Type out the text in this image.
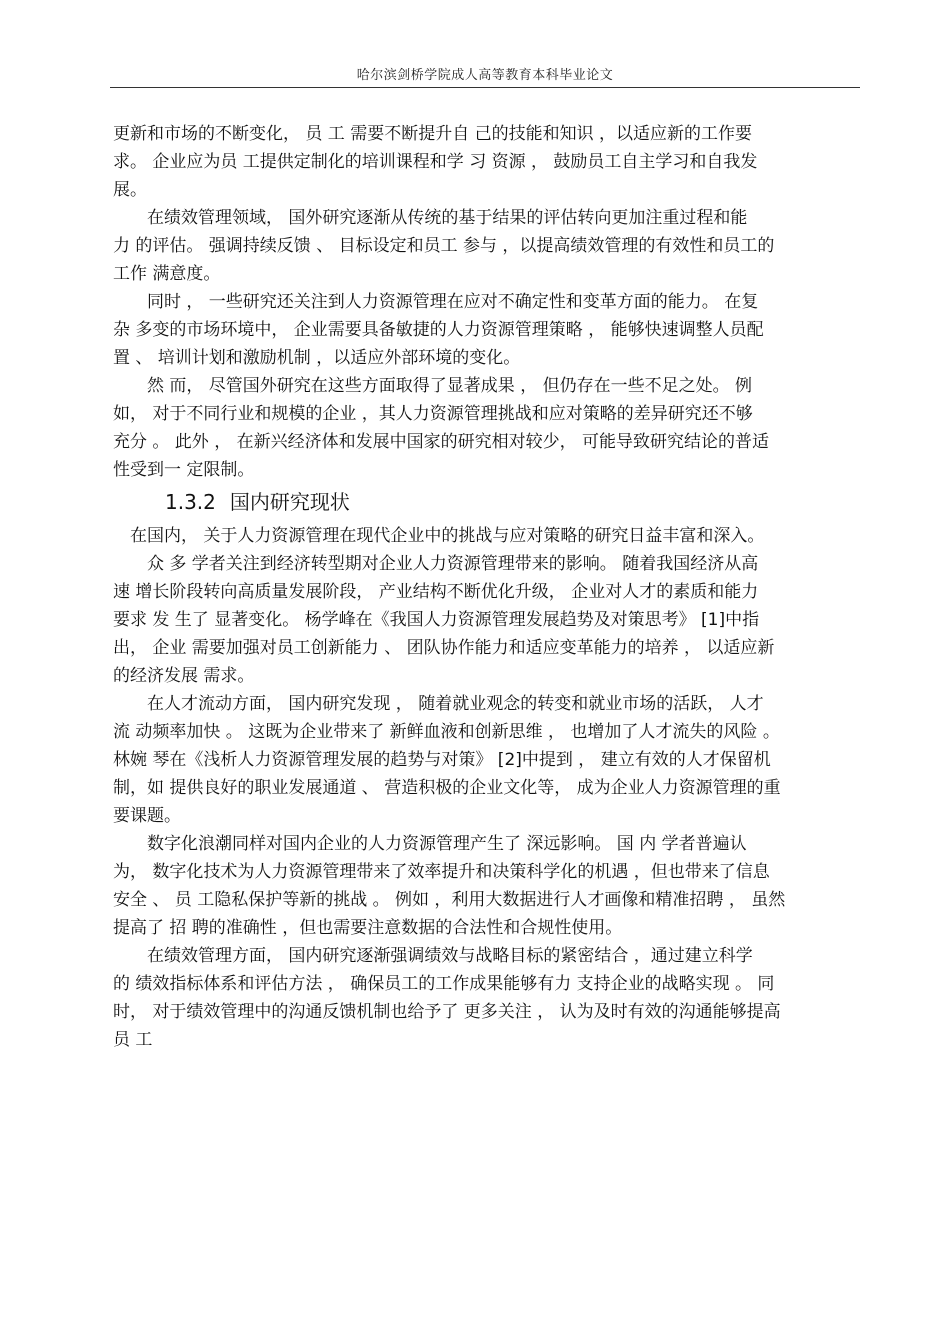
哈尔滨剑桥学院成人高等教育本科毕业论文
更新和市场的不断变化， 员 工 需要不断提升自 己的技能和知识 ，以适应新的工作要
求。 企业应为员 工提供定制化的培训课程和学 习 资源 ， 鼓励员工自主学习和自我发
展。
　　在绩效管理领域， 国外研究逐渐从传统的基于结果的评估转向更加注重过程和能
力 的评估。 强调持续反馈 、 目标设定和员工 参与 ，以提高绩效管理的有效性和员工的
工作 满意度。
　　同时 ， 一些研究还关注到人力资源管理在应对不确定性和变革方面的能力。 在复
杂 多变的市场环境中， 企业需要具备敏捷的人力资源管理策略 ， 能够快速调整人员配
置 、 培训计划和激励机制 ，以适应外部环境的变化。
　　然 而， 尽管国外研究在这些方面取得了显著成果 ， 但仍存在一些不足之处。 例
如， 对于不同行业和规模的企业 ，其人力资源管理挑战和应对策略的差异研究还不够
充分 。 此外 ， 在新兴经济体和发展中国家的研究相对较少， 可能导致研究结论的普适
性受到一 定限制。
1.3.2 国内研究现状
　在国内， 关于人力资源管理在现代企业中的挑战与应对策略的研究日益丰富和深入。
　　众 多 学者关注到经济转型期对企业人力资源管理带来的影响。 随着我国经济从高
速 增长阶段转向高质量发展阶段， 产业结构不断优化升级， 企业对人才的素质和能力
要求 发 生了 显著变化。 杨学峰在《我国人力资源管理发展趋势及对策思考》 [1]中指
出， 企业 需要加强对员工创新能力 、 团队协作能力和适应变革能力的培养 ， 以适应新
的经济发展 需求。
　　在人才流动方面， 国内研究发现 ， 随着就业观念的转变和就业市场的活跃， 人才
流 动频率加快 。 这既为企业带来了 新鲜血液和创新思维 ， 也增加了人才流失的风险 。
林婉 琴在《浅析人力资源管理发展的趋势与对策》 [2]中提到 ， 建立有效的人才保留机
制，如 提供良好的职业发展通道 、 营造积极的企业文化等， 成为企业人力资源管理的重
要课题。
　　数字化浪潮同样对国内企业的人力资源管理产生了 深远影响。 国 内 学者普遍认
为， 数字化技术为人力资源管理带来了效率提升和决策科学化的机遇 ，但也带来了信息
安全 、 员 工隐私保护等新的挑战 。 例如 ，利用大数据进行人才画像和精准招聘 ， 虽然
提高了 招 聘的准确性 ，但也需要注意数据的合法性和合规性使用。
　　在绩效管理方面， 国内研究逐渐强调绩效与战略目标的紧密结合 ，通过建立科学
的 绩效指标体系和评估方法 ， 确保员工的工作成果能够有力 支持企业的战略实现 。 同
时， 对于绩效管理中的沟通反馈机制也给予了 更多关注 ， 认为及时有效的沟通能够提高
员 工
